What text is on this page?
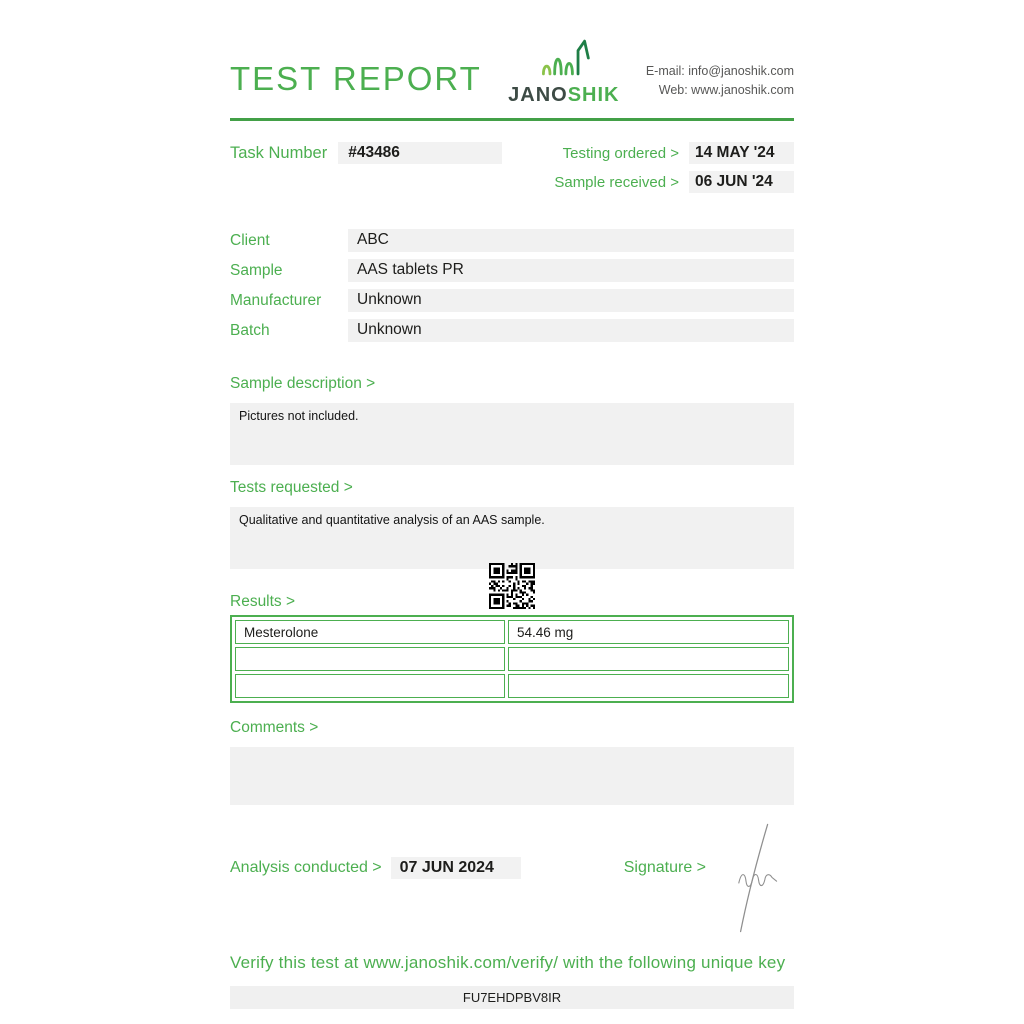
TEST REPORT JANOSHIK
E-mail: info@janoshik.com
Web: www.janoshik.com
Task Number	#43486	Testing ordered >	14 MAY '24
Sample received >	06 JUN '24
Client	ABC
Sample	AAS tablets PR
Manufacturer	Unknown
Batch	Unknown
Sample description >
Pictures not included.
Tests requested >
Qualitative and quantitative analysis of an AAS sample.
Results >
Mesterolone	54.46 mg

Comments >
Analysis conducted >	07 JUN 2024	Signature >
Verify this test at www.janoshik.com/verify/ with the following unique key
FU7EHDPBV8IR
